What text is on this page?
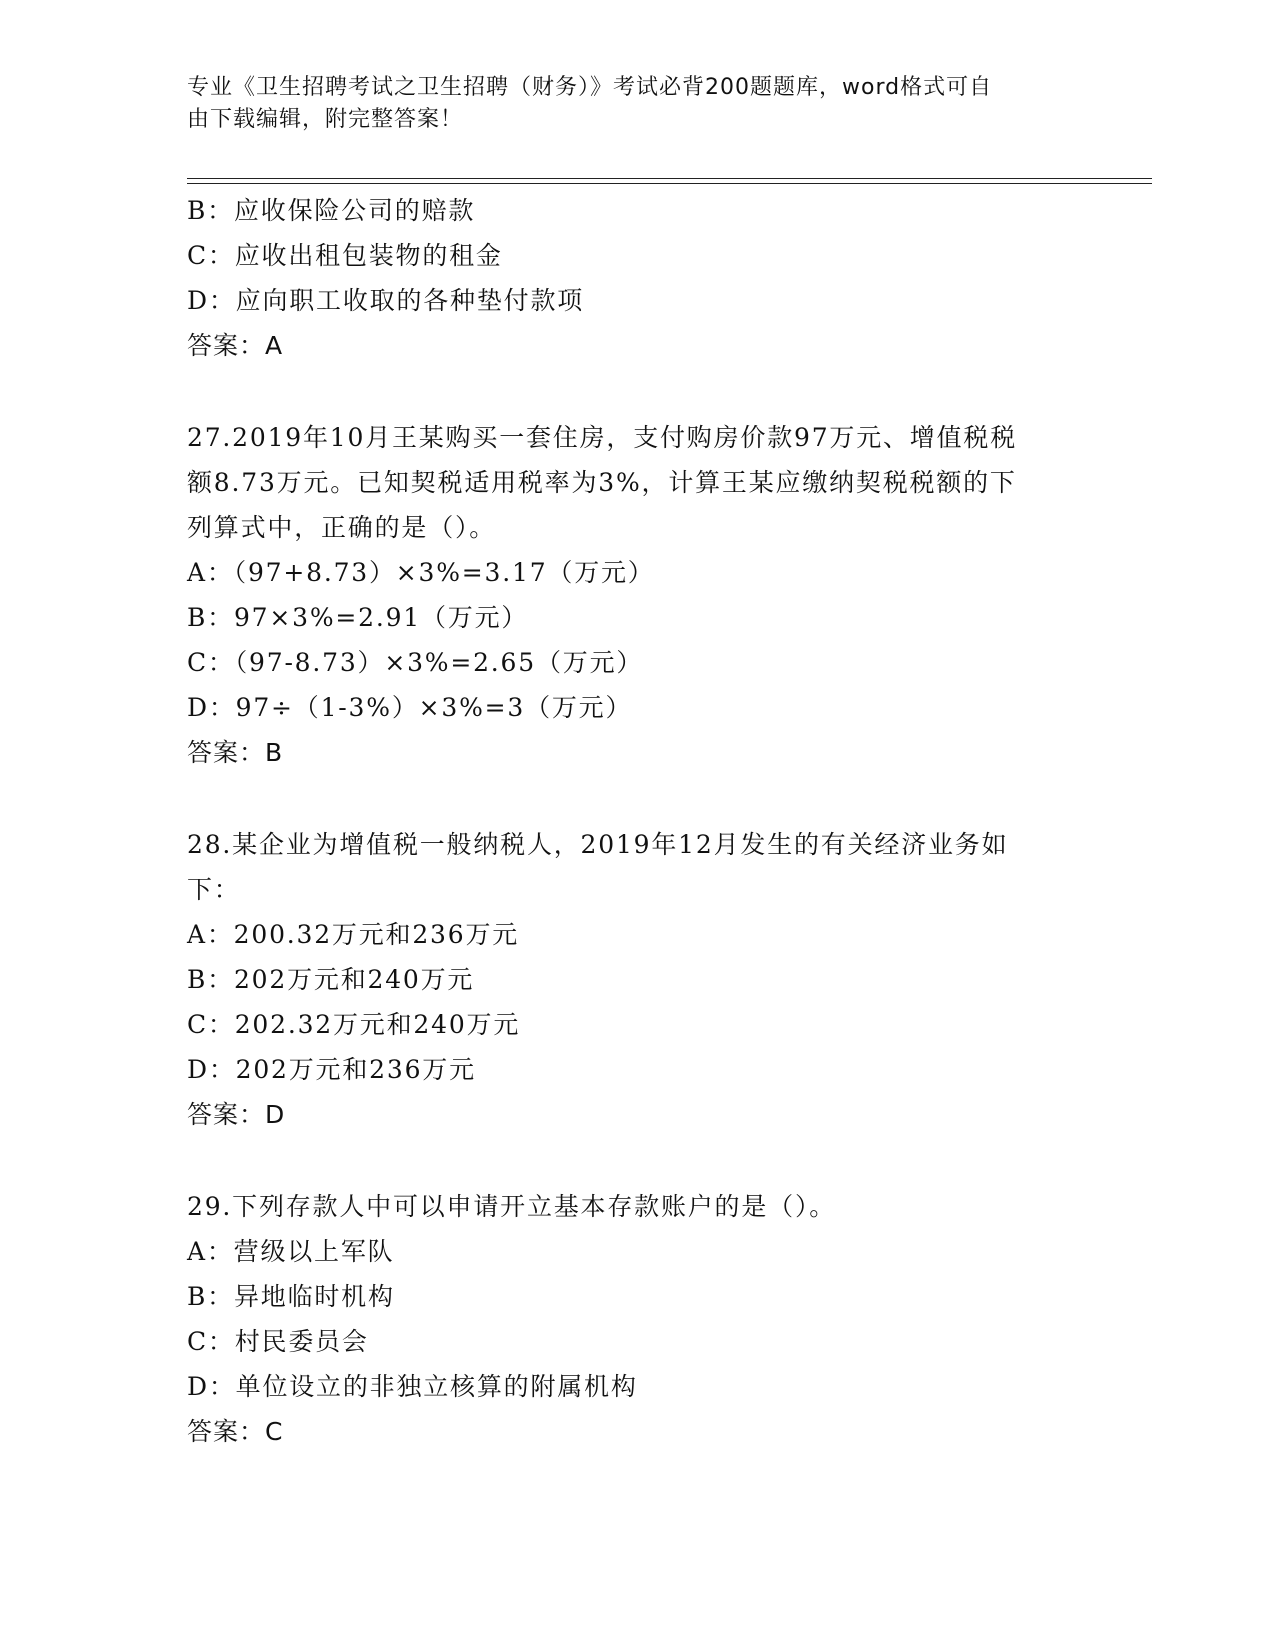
专业《卫生招聘考试之卫生招聘（财务）》考试必背200题题库，word格式可自
由下载编辑，附完整答案！
B：应收保险公司的赔款
C：应收出租包装物的租金
D：应向职工收取的各种垫付款项
答案：A
27.2019年10月王某购买一套住房，支付购房价款97万元、增值税税
额8.73万元。已知契税适用税率为3%，计算王某应缴纳契税税额的下
列算式中，正确的是（）。
A：（97+8.73）×3%=3.17（万元）
B：97×3%=2.91（万元）
C：（97-8.73）×3%=2.65（万元）
D：97÷（1-3%）×3%=3（万元）
答案：B
28.某企业为增值税一般纳税人，2019年12月发生的有关经济业务如
下：
A：200.32万元和236万元
B：202万元和240万元
C：202.32万元和240万元
D：202万元和236万元
答案：D
29.下列存款人中可以申请开立基本存款账户的是（）。
A：营级以上军队
B：异地临时机构
C：村民委员会
D：单位设立的非独立核算的附属机构
答案：C
